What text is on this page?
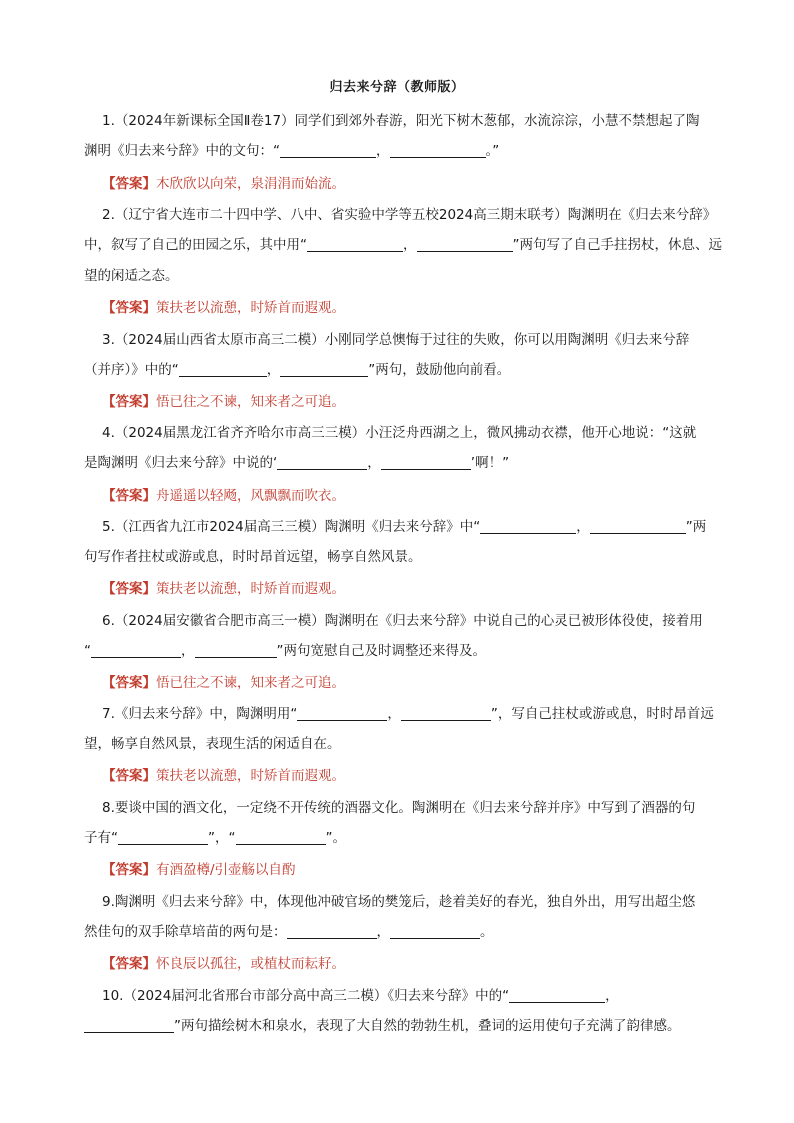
归去来兮辞（教师版）
1.（2024年新课标全国Ⅱ卷17）同学们到郊外春游，阳光下树木葱郁，水流淙淙，小慧不禁想起了陶
渊明《归去来兮辞》中的文句：“	，	。”
【答案】木欣欣以向荣，泉涓涓而始流。
2.（辽宁省大连市二十四中学、八中、省实验中学等五校2024高三期末联考）陶渊明在《归去来兮辞》
中，叙写了自己的田园之乐，其中用“	，	”两句写了自己手拄拐杖，休息、远
望的闲适之态。
【答案】策扶老以流憩，时矫首而遐观。
3.（2024届山西省太原市高三二模）小刚同学总懊悔于过往的失败，你可以用陶渊明《归去来兮辞
（并序）》中的“	，	”两句，鼓励他向前看。
【答案】悟已往之不谏，知来者之可追。
4.（2024届黑龙江省齐齐哈尔市高三三模）小汪泛舟西湖之上，微风拂动衣襟，他开心地说：“这就
是陶渊明《归去来兮辞》中说的‘	，	’啊！”
【答案】舟遥遥以轻飏，风飘飘而吹衣。
5.（江西省九江市2024届高三三模）陶渊明《归去来兮辞》中“	，	”两
句写作者拄杖或游或息，时时昂首远望，畅享自然风景。
【答案】策扶老以流憩，时矫首而遐观。
6.（2024届安徽省合肥市高三一模）陶渊明在《归去来兮辞》中说自己的心灵已被形体役使，接着用
“	，	”两句宽慰自己及时调整还来得及。
【答案】悟已往之不谏，知来者之可追。
7.《归去来兮辞》中，陶渊明用“	，	”，写自己拄杖或游或息，时时昂首远
望，畅享自然风景，表现生活的闲适自在。
【答案】策扶老以流憩，时矫首而遐观。
8.要谈中国的酒文化，一定绕不开传统的酒器文化。陶渊明在《归去来兮辞并序》中写到了酒器的句
子有“	”，“	”。
【答案】有酒盈樽/引壶觞以自酌
9.陶渊明《归去来兮辞》中，体现他冲破官场的樊笼后，趁着美好的春光，独自外出，用写出超尘悠
然佳句的双手除草培苗的两句是：	，	。
【答案】怀良辰以孤往，或植杖而耘耔。
10.（2024届河北省邢台市部分高中高三二模）《归去来兮辞》中的“	，
”两句描绘树木和泉水，表现了大自然的勃勃生机，叠词的运用使句子充满了韵律感。
